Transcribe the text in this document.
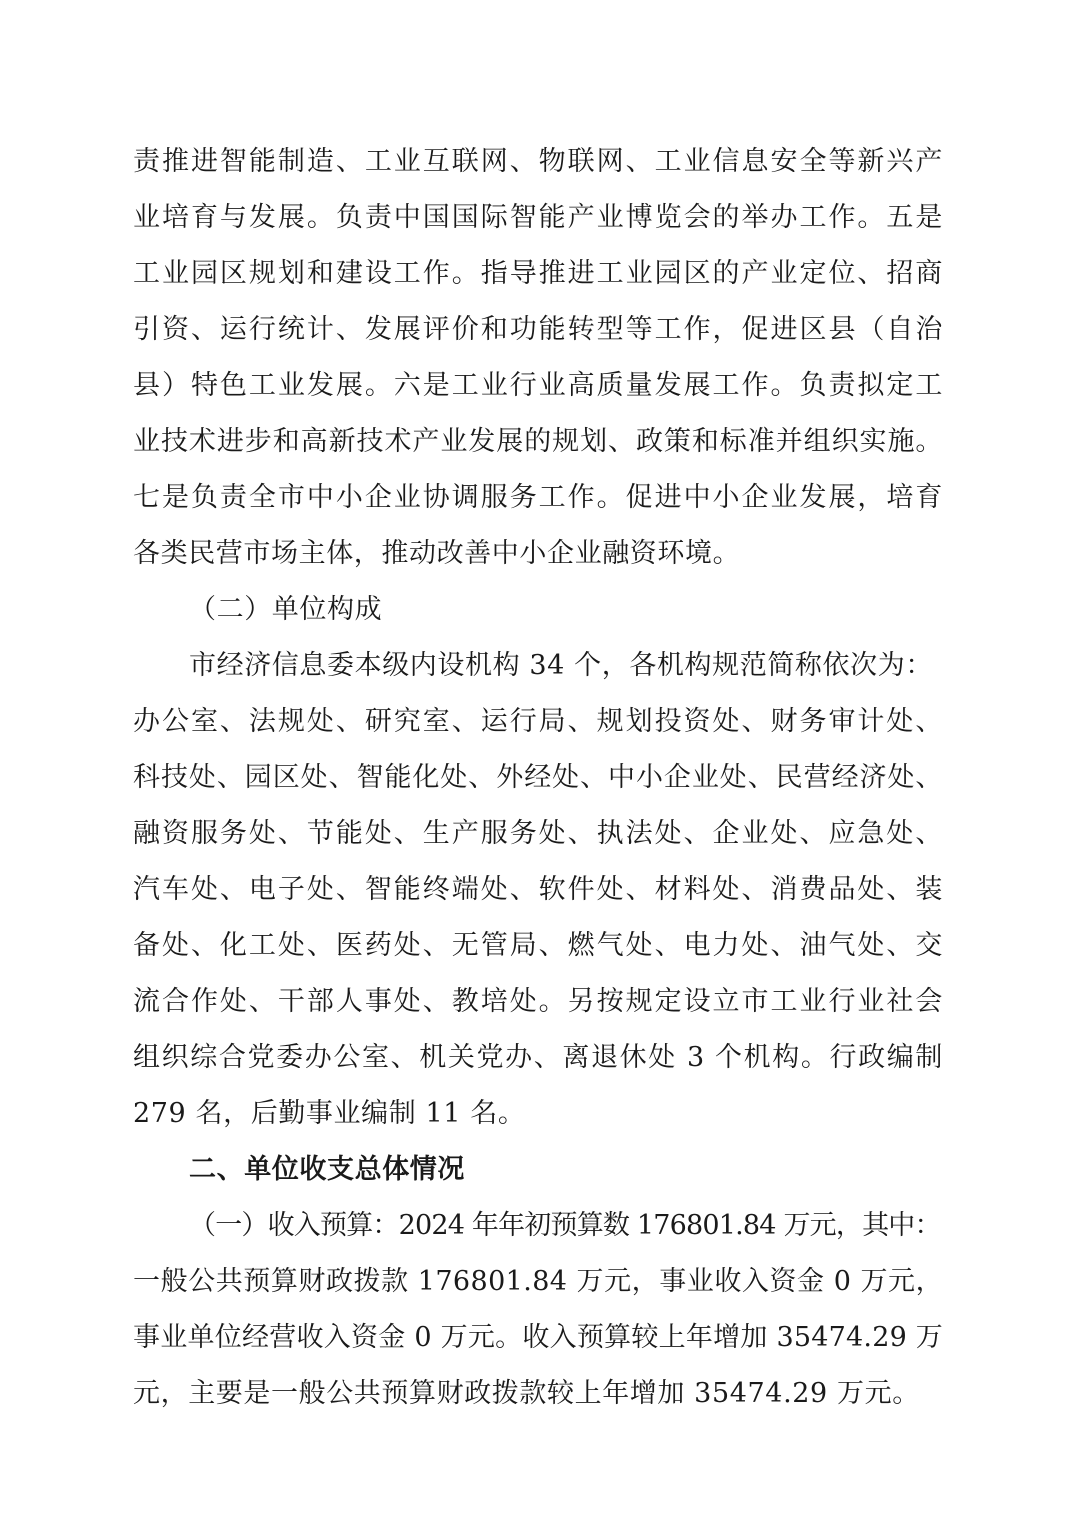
责推进智能制造、工业互联网、物联网、工业信息安全等新兴产
业培育与发展。负责中国国际智能产业博览会的举办工作。五是
工业园区规划和建设工作。指导推进工业园区的产业定位、招商
引资、运行统计、发展评价和功能转型等工作，促进区县（自治
县）特色工业发展。六是工业行业高质量发展工作。负责拟定工
业技术进步和高新技术产业发展的规划、政策和标准并组织实施。
七是负责全市中小企业协调服务工作。促进中小企业发展，培育
各类民营市场主体，推动改善中小企业融资环境。
（二）单位构成
市经济信息委本级内设机构 34 个，各机构规范简称依次为：
办公室、法规处、研究室、运行局、规划投资处、财务审计处、
科技处、园区处、智能化处、外经处、中小企业处、民营经济处、
融资服务处、节能处、生产服务处、执法处、企业处、应急处、
汽车处、电子处、智能终端处、软件处、材料处、消费品处、装
备处、化工处、医药处、无管局、燃气处、电力处、油气处、交
流合作处、干部人事处、教培处。另按规定设立市工业行业社会
组织综合党委办公室、机关党办、离退休处 3 个机构。行政编制
279 名，后勤事业编制 11 名。
二、单位收支总体情况
（一）收入预算：2024 年年初预算数 176801.84 万元，其中：
一般公共预算财政拨款 176801.84 万元，事业收入资金 0 万元，
事业单位经营收入资金 0 万元。收入预算较上年增加 35474.29 万
元，主要是一般公共预算财政拨款较上年增加 35474.29 万元。
